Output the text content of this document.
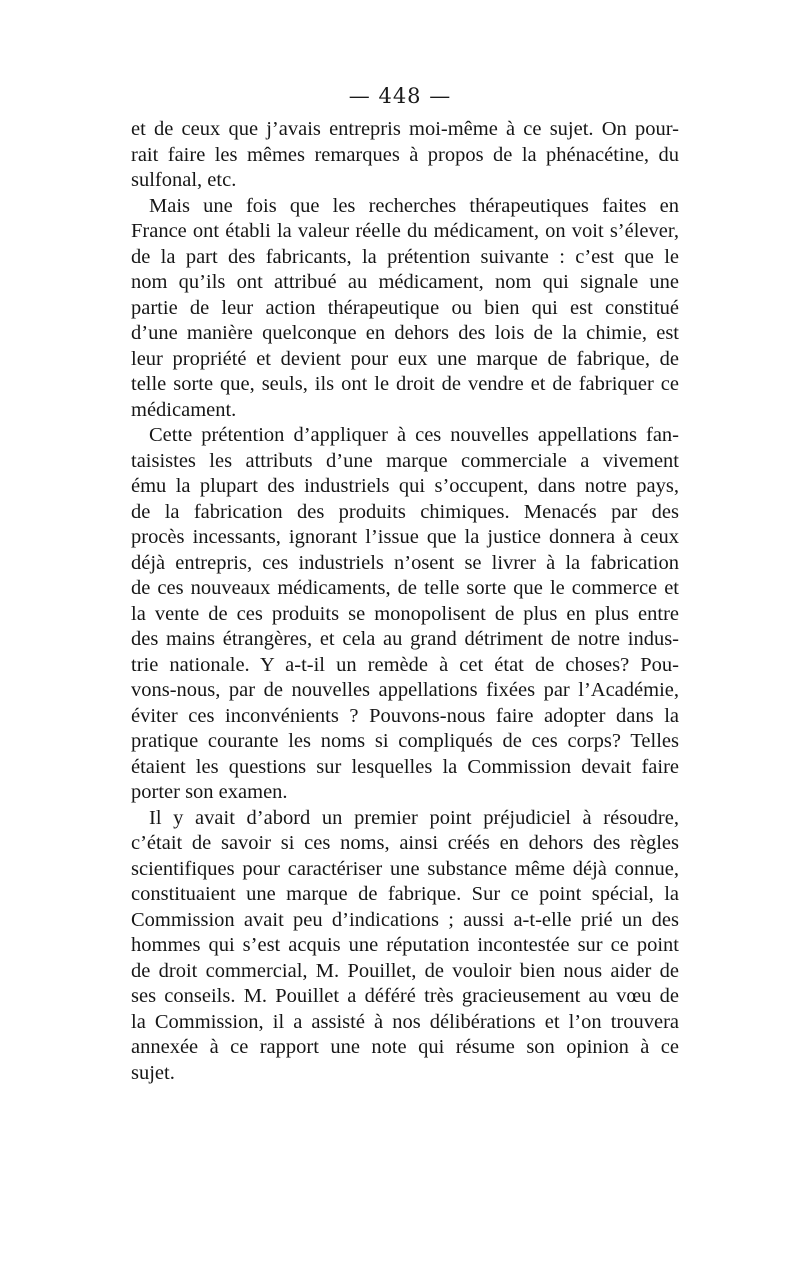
— 448 —
et de ceux que j’avais entrepris moi-même à ce sujet. On pour-
rait faire les mêmes remarques à propos de la phénacétine, du
sulfonal, etc.
Mais une fois que les recherches thérapeutiques faites en
France ont établi la valeur réelle du médicament, on voit s’élever,
de la part des fabricants, la prétention suivante : c’est que le
nom qu’ils ont attribué au médicament, nom qui signale une
partie de leur action thérapeutique ou bien qui est constitué
d’une manière quelconque en dehors des lois de la chimie, est
leur propriété et devient pour eux une marque de fabrique, de
telle sorte que, seuls, ils ont le droit de vendre et de fabriquer ce
médicament.
Cette prétention d’appliquer à ces nouvelles appellations fan-
taisistes les attributs d’une marque commerciale a vivement
ému la plupart des industriels qui s’occupent, dans notre pays,
de la fabrication des produits chimiques. Menacés par des
procès incessants, ignorant l’issue que la justice donnera à ceux
déjà entrepris, ces industriels n’osent se livrer à la fabrication
de ces nouveaux médicaments, de telle sorte que le commerce et
la vente de ces produits se monopolisent de plus en plus entre
des mains étrangères, et cela au grand détriment de notre indus-
trie nationale. Y a-t-il un remède à cet état de choses? Pou-
vons-nous, par de nouvelles appellations fixées par l’Académie,
éviter ces inconvénients ? Pouvons-nous faire adopter dans la
pratique courante les noms si compliqués de ces corps? Telles
étaient les questions sur lesquelles la Commission devait faire
porter son examen.
Il y avait d’abord un premier point préjudiciel à résoudre,
c’était de savoir si ces noms, ainsi créés en dehors des règles
scientifiques pour caractériser une substance même déjà connue,
constituaient une marque de fabrique. Sur ce point spécial, la
Commission avait peu d’indications ; aussi a-t-elle prié un des
hommes qui s’est acquis une réputation incontestée sur ce point
de droit commercial, M. Pouillet, de vouloir bien nous aider de
ses conseils. M. Pouillet a déféré très gracieusement au vœu de
la Commission, il a assisté à nos délibérations et l’on trouvera
annexée à ce rapport une note qui résume son opinion à ce
sujet.
